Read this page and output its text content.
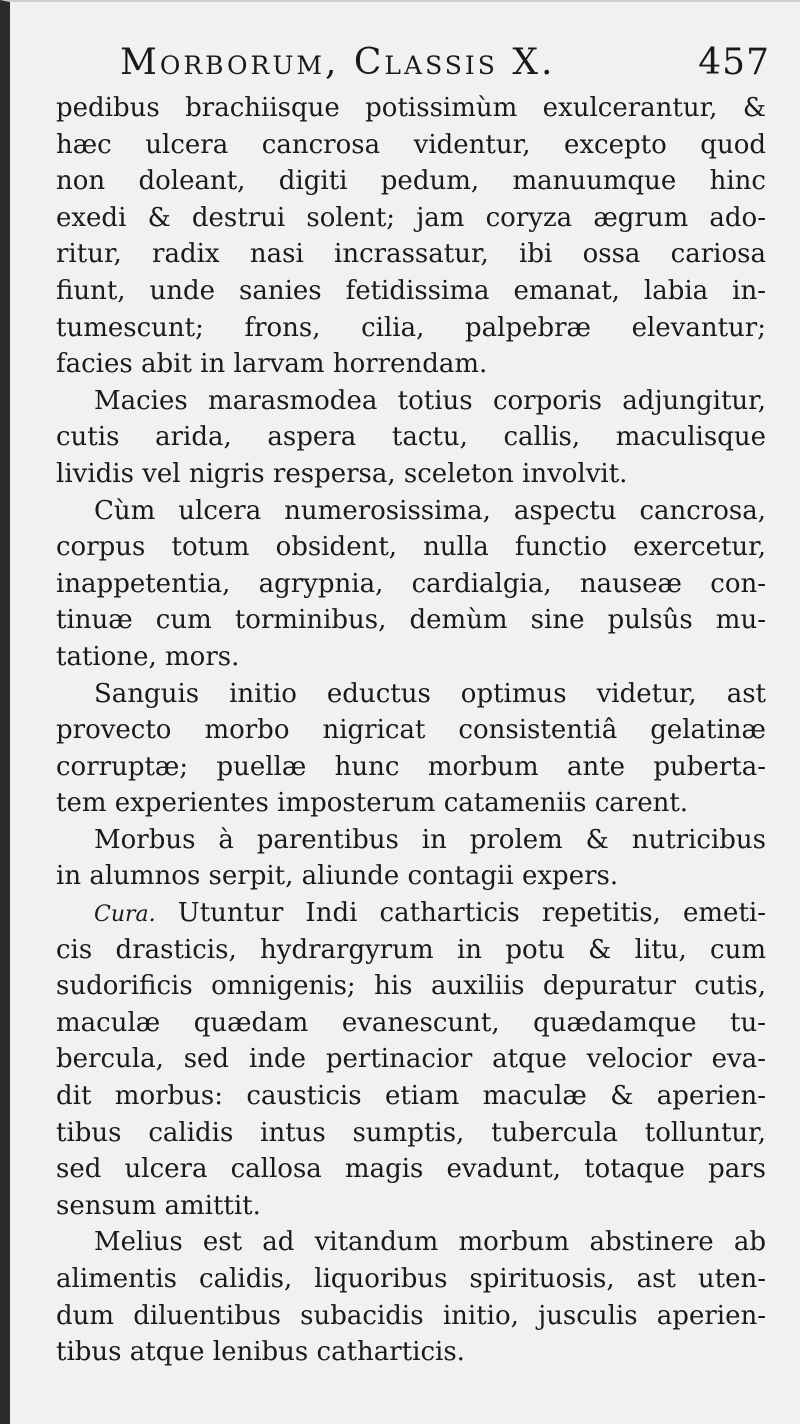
Morborum, Classis X.	457
pedibus brachiisque potissimùm exulcerantur, &
hæc ulcera cancrosa videntur, excepto quod
non doleant, digiti pedum, manuumque hinc
exedi & destrui solent; jam coryza ægrum ado-
ritur, radix nasi incrassatur, ibi ossa cariosa
fiunt, unde sanies fetidissima emanat, labia in-
tumescunt; frons, cilia, palpebræ elevantur;
facies abit in larvam horrendam.
Macies marasmodea totius corporis adjungitur,
cutis arida, aspera tactu, callis, maculisque
lividis vel nigris respersa, sceleton involvit.
Cùm ulcera numerosissima, aspectu cancrosa,
corpus totum obsident, nulla functio exercetur,
inappetentia, agrypnia, cardialgia, nauseæ con-
tinuæ cum torminibus, demùm sine pulsûs mu-
tatione, mors.
Sanguis initio eductus optimus videtur, ast
provecto morbo nigricat consistentiâ gelatinæ
corruptæ; puellæ hunc morbum ante puberta-
tem experientes imposterum catameniis carent.
Morbus à parentibus in prolem & nutricibus
in alumnos serpit, aliunde contagii expers.
Cura. Utuntur Indi catharticis repetitis, emeti-
cis drasticis, hydrargyrum in potu & litu, cum
sudorificis omnigenis; his auxiliis depuratur cutis,
maculæ quædam evanescunt, quædamque tu-
bercula, sed inde pertinacior atque velocior eva-
dit morbus: causticis etiam maculæ & aperien-
tibus calidis intus sumptis, tubercula tolluntur,
sed ulcera callosa magis evadunt, totaque pars
sensum amittit.
Melius est ad vitandum morbum abstinere ab
alimentis calidis, liquoribus spirituosis, ast uten-
dum diluentibus subacidis initio, jusculis aperien-
tibus atque lenibus catharticis.
